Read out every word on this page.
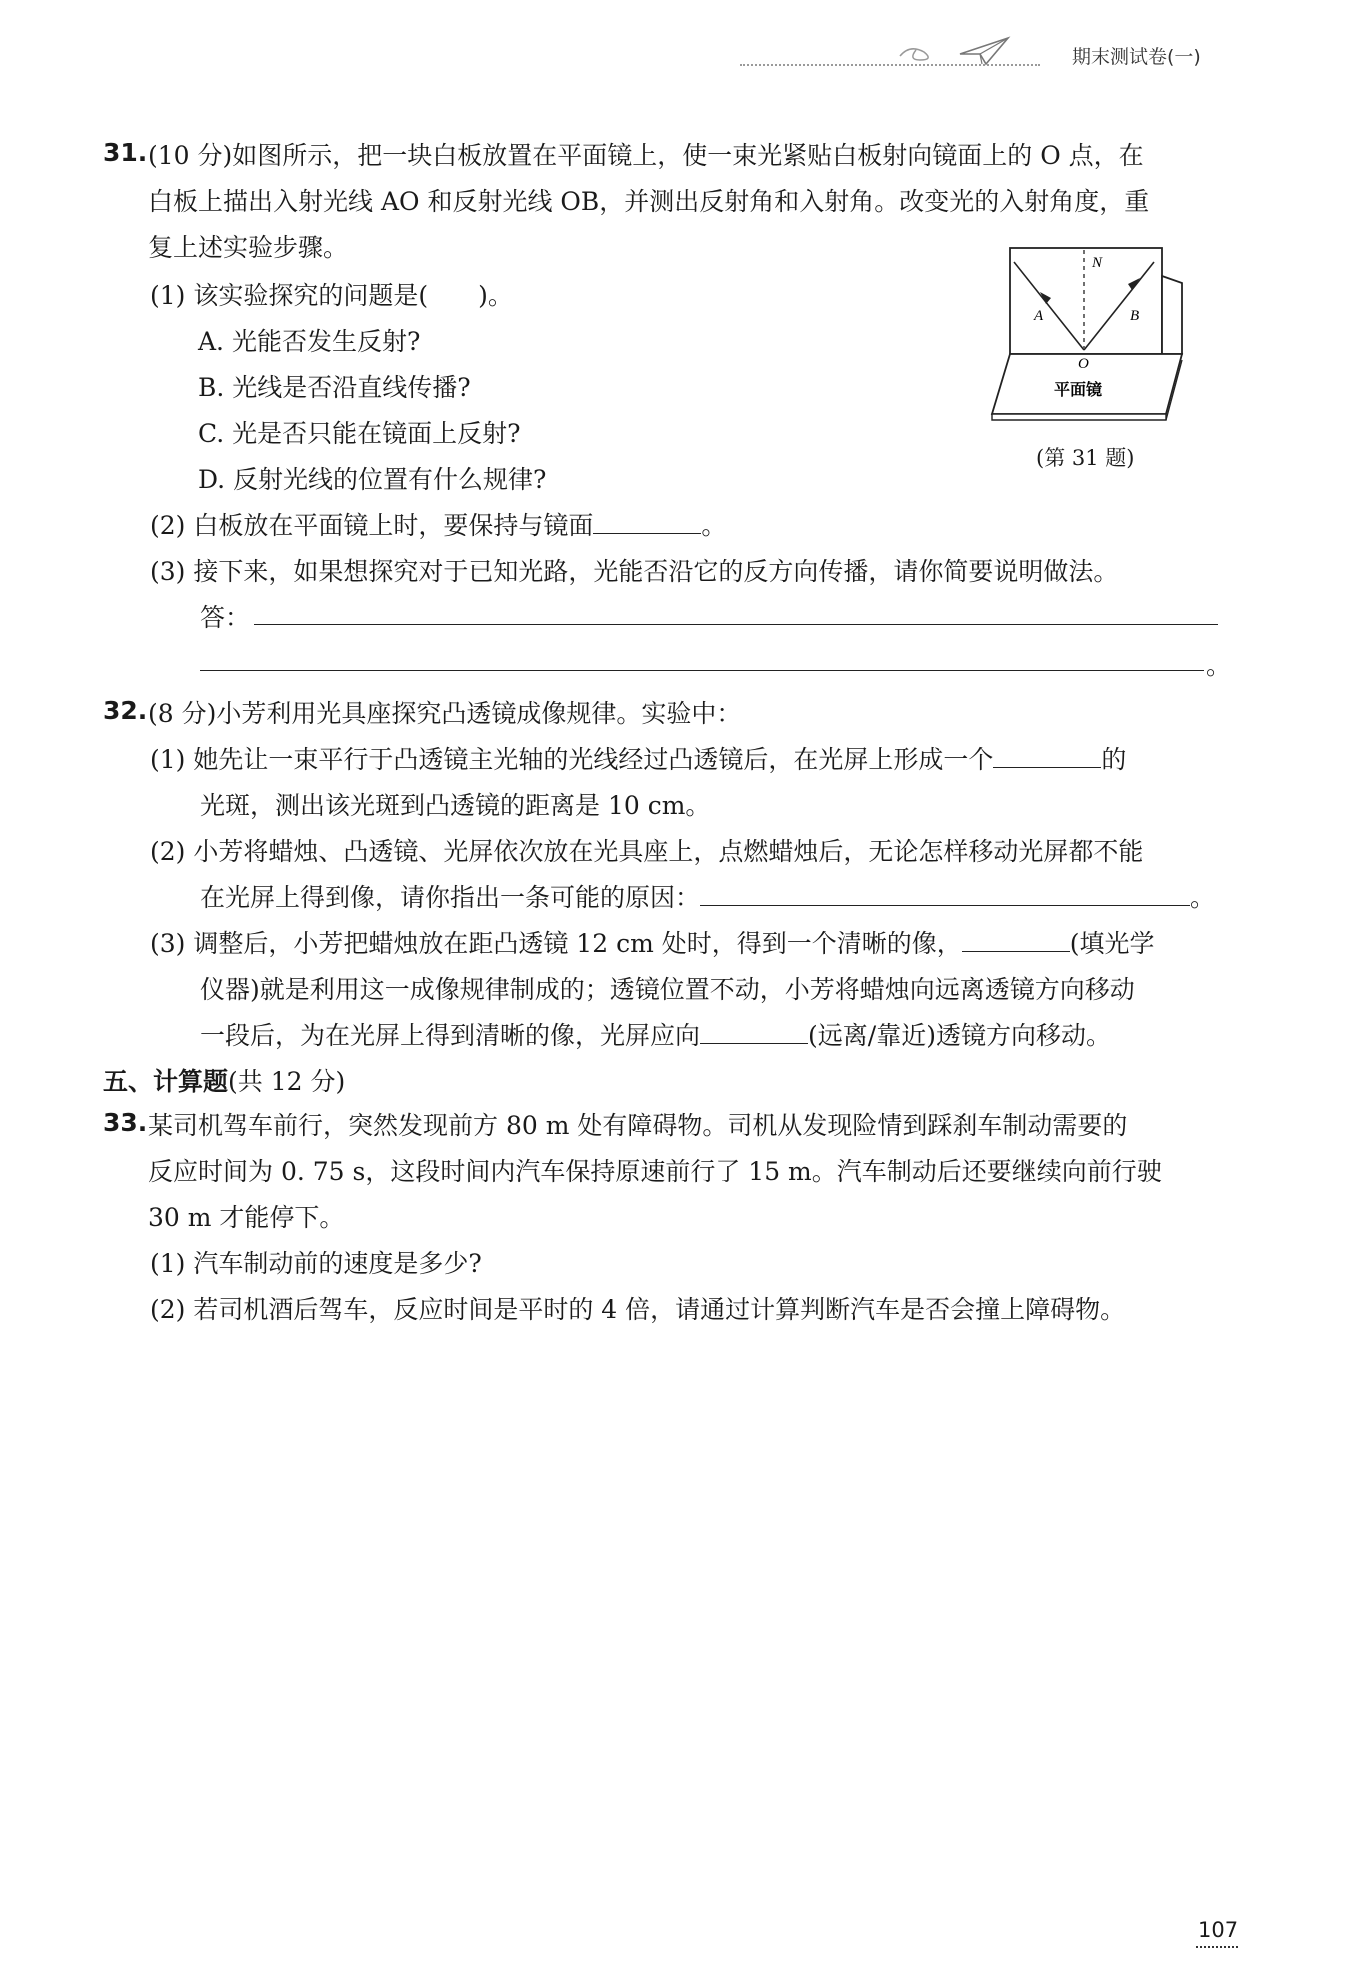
期末测试卷(一)
31. (10 分)如图所示，把一块白板放置在平面镜上，使一束光紧贴白板射向镜面上的 O 点，在
白板上描出入射光线 AO 和反射光线 OB，并测出反射角和入射角。改变光的入射角度，重
复上述实验步骤。
(1) 该实验探究的问题是(　　)。
A. 光能否发生反射?
B. 光线是否沿直线传播?
C. 光是否只能在镜面上反射?
D. 反射光线的位置有什么规律?
(2) 白板放在平面镜上时，要保持与镜面	。
(3) 接下来，如果想探究对于已知光路，光能否沿它的反方向传播，请你简要说明做法。
答：
。
N
A	B
O
平面镜
(第 31 题)
32. (8 分)小芳利用光具座探究凸透镜成像规律。实验中：
(1) 她先让一束平行于凸透镜主光轴的光线经过凸透镜后，在光屏上形成一个	的
光斑，测出该光斑到凸透镜的距离是 10 cm。
(2) 小芳将蜡烛、凸透镜、光屏依次放在光具座上，点燃蜡烛后，无论怎样移动光屏都不能
在光屏上得到像，请你指出一条可能的原因：	。
(3) 调整后，小芳把蜡烛放在距凸透镜 12 cm 处时，得到一个清晰的像，	(填光学
仪器)就是利用这一成像规律制成的；透镜位置不动，小芳将蜡烛向远离透镜方向移动
一段后，为在光屏上得到清晰的像，光屏应向	(远离/靠近)透镜方向移动。
五、计算题(共 12 分)
33. 某司机驾车前行，突然发现前方 80 m 处有障碍物。司机从发现险情到踩刹车制动需要的
反应时间为 0. 75 s，这段时间内汽车保持原速前行了 15 m。汽车制动后还要继续向前行驶
30 m 才能停下。
(1) 汽车制动前的速度是多少?
(2) 若司机酒后驾车，反应时间是平时的 4 倍，请通过计算判断汽车是否会撞上障碍物。
107
